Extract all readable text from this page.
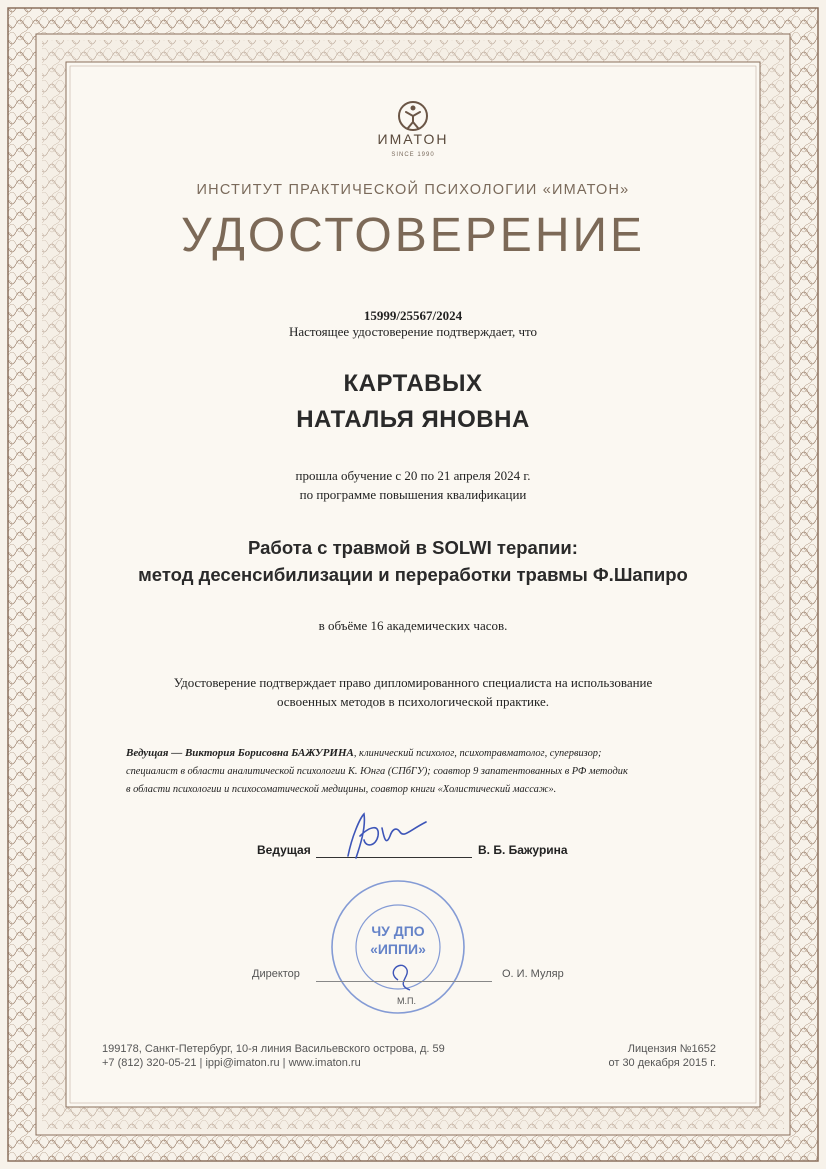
ИМАТОН
SINCE 1990
ИНСТИТУТ ПРАКТИЧЕСКОЙ ПСИХОЛОГИИ «ИМАТОН»
УДОСТОВЕРЕНИЕ
15999/25567/2024
Настоящее удостоверение подтверждает, что
КАРТАВЫХ
НАТАЛЬЯ ЯНОВНА
прошла обучение с 20 по 21 апреля 2024 г.
по программе повышения квалификации
Работа с травмой в SOLWI терапии:
метод десенсибилизации и переработки травмы Ф.Шапиро
в объёме 16 академических часов.
Удостоверение подтверждает право дипломированного специалиста на использование
освоенных методов в психологической практике.
Ведущая — Виктория Борисовна БАЖУРИНА, клинический психолог, психотравматолог, супервизор;
специалист в области аналитической психологии К. Юнга (СПбГУ); соавтор 9 запатентованных в РФ методик
в области психологии и психосоматической медицины, соавтор книги «Холистический массаж».
Ведущая	В. Б. Бажурина
ЧУ ДПО
«ИППИ»
Директор	О. И. Муляр
М.П.
199178, Санкт-Петербург, 10-я линия Васильевского острова, д. 59
+7 (812) 320-05-21 | ippi@imaton.ru | www.imaton.ru
Лицензия №1652
от 30 декабря 2015 г.
